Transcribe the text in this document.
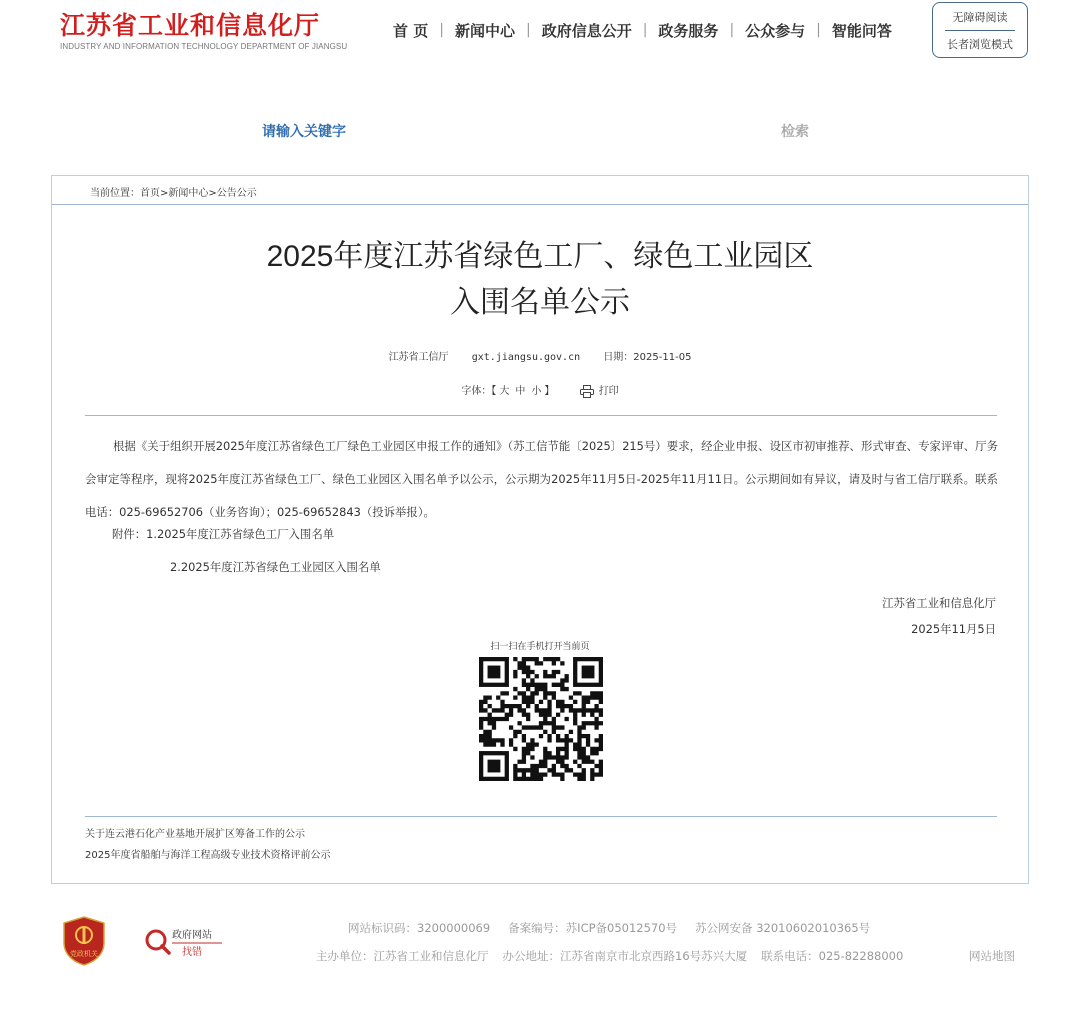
江苏省工业和信息化厅
INDUSTRY AND INFORMATION TECHNOLOGY DEPARTMENT OF JIANGSU
首 页 | 新闻中心 | 政府信息公开 | 政务服务 | 公众参与 | 智能问答
无障碍阅读
长者浏览模式
请输入关键字	检索
当前位置：首页>新闻中心>公告公示
2025年度江苏省绿色工厂、绿色工业园区
入围名单公示
江苏省工信厅 gxt.jiangsu.gov.cn 日期：2025-11-05
字体：【 大 中 小 】	打印
根据《关于组织开展2025年度江苏省绿色工厂绿色工业园区申报工作的通知》（苏工信节能〔2025〕215号）要求，经企业申报、设区市初审推荐、形式审查、专家评审、厅务会审定等程序，现将2025年度江苏省绿色工厂、绿色工业园区入围名单予以公示，公示期为2025年11月5日-2025年11月11日。公示期间如有异议，请及时与省工信厅联系。联系电话：025-69652706（业务咨询）；025-69652843（投诉举报）。
附件：1.2025年度江苏省绿色工厂入围名单
2.2025年度江苏省绿色工业园区入围名单
江苏省工业和信息化厅
2025年11月5日
扫一扫在手机打开当前页
关于连云港石化产业基地开展扩区筹备工作的公示
2025年度省船舶与海洋工程高级专业技术资格评前公示
党政机关
政府网站
找错
网站标识码：3200000069 备案编号：苏ICP备05012570号 苏公网安备 32010602010365号
主办单位：江苏省工业和信息化厅 办公地址：江苏省南京市北京西路16号苏兴大厦 联系电话：025-82288000	网站地图
